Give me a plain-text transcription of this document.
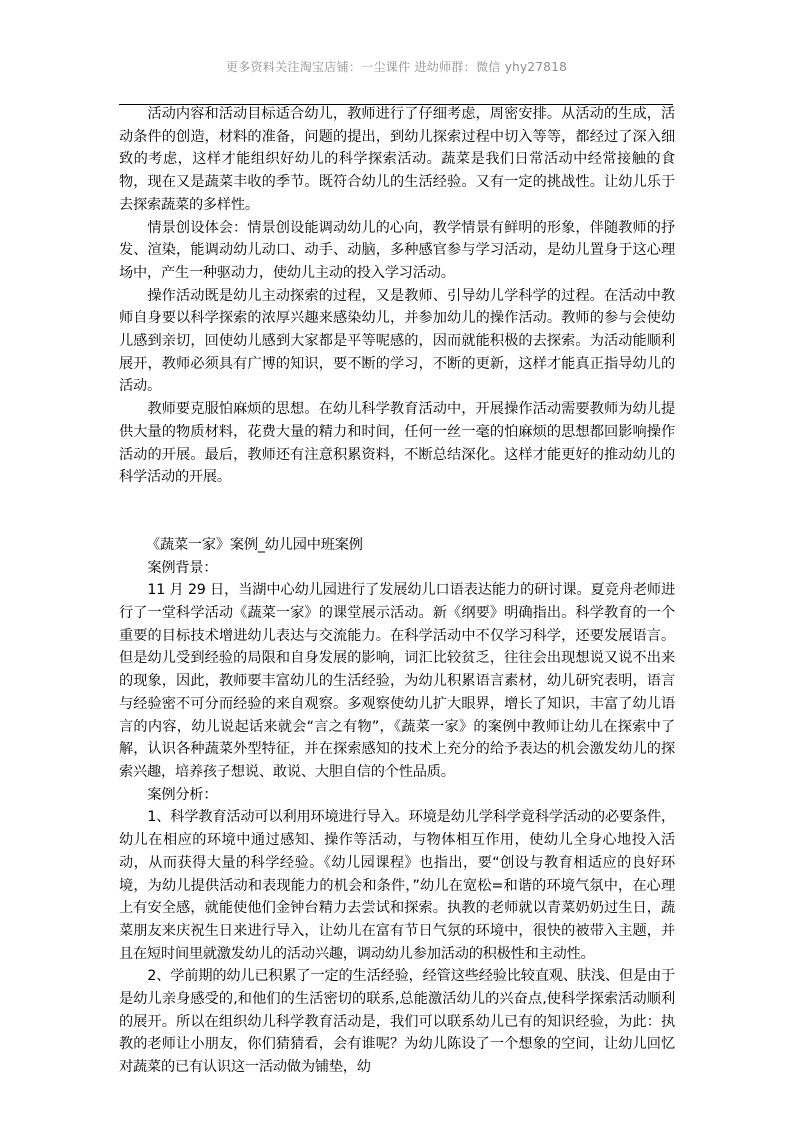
更多资料关注淘宝店铺：一尘课件 进幼师群：微信 yhy27818

活动内容和活动目标适合幼儿，教师进行了仔细考虑，周密安排。从活动的生成，活动条件的创造，材料的准备，问题的提出，到幼儿探索过程中切入等等，都经过了深入细致的考虑，这样才能组织好幼儿的科学探索活动。蔬菜是我们日常活动中经常接触的食物，现在又是蔬菜丰收的季节。既符合幼儿的生活经验。又有一定的挑战性。让幼儿乐于去探索蔬菜的多样性。

情景创设体会：情景创设能调动幼儿的心向，教学情景有鲜明的形象，伴随教师的抒发、渲染，能调动幼儿动口、动手、动脑，多种感官参与学习活动，是幼儿置身于这心理场中，产生一种驱动力，使幼儿主动的投入学习活动。

操作活动既是幼儿主动探索的过程，又是教师、引导幼儿学科学的过程。在活动中教师自身要以科学探索的浓厚兴趣来感染幼儿，并参加幼儿的操作活动。教师的参与会使幼儿感到亲切，回使幼儿感到大家都是平等呢感的，因而就能积极的去探索。为活动能顺利展开，教师必须具有广博的知识，要不断的学习，不断的更新，这样才能真正指导幼儿的活动。

教师要克服怕麻烦的思想。在幼儿科学教育活动中，开展操作活动需要教师为幼儿提供大量的物质材料，花费大量的精力和时间，任何一丝一毫的怕麻烦的思想都回影响操作活动的开展。最后，教师还有注意积累资料，不断总结深化。这样才能更好的推动幼儿的科学活动的开展。

《蔬菜一家》案例_幼儿园中班案例

案例背景：

11 月 29 日，当湖中心幼儿园进行了发展幼儿口语表达能力的研讨课。夏竞舟老师进行了一堂科学活动《蔬菜一家》的课堂展示活动。新《纲要》明确指出。科学教育的一个重要的目标技术增进幼儿表达与交流能力。在科学活动中不仅学习科学，还要发展语言。但是幼儿受到经验的局限和自身发展的影响，词汇比较贫乏，往往会出现想说又说不出来的现象，因此，教师要丰富幼儿的生活经验，为幼儿积累语言素材，幼儿研究表明，语言与经验密不可分而经验的来自观察。多观察使幼儿扩大眼界，增长了知识，丰富了幼儿语言的内容，幼儿说起话来就会“言之有物”，《蔬菜一家》的案例中教师让幼儿在探索中了解，认识各种蔬菜外型特征，并在探索感知的技术上充分的给予表达的机会激发幼儿的探索兴趣，培养孩子想说、敢说、大胆自信的个性品质。

案例分析：

1、科学教育活动可以利用环境进行导入。环境是幼儿学科学竟科学活动的必要条件，幼儿在相应的环境中通过感知、操作等活动，与物体相互作用，使幼儿全身心地投入活动，从而获得大量的科学经验。《幼儿园课程》也指出，要“创设与教育相适应的良好环境，为幼儿提供活动和表现能力的机会和条件，”幼儿在宽松=和谐的环境气氛中，在心理上有安全感，就能使他们金钟台精力去尝试和探索。执教的老师就以青菜奶奶过生日，蔬菜朋友来庆祝生日来进行导入，让幼儿在富有节日气氛的环境中，很快的被带入主题，并且在短时间里就激发幼儿的活动兴趣，调动幼儿参加活动的积极性和主动性。

2、学前期的幼儿已积累了一定的生活经验，经管这些经验比较直观、肤浅、但是由于是幼儿亲身感受的,和他们的生活密切的联系,总能激活幼儿的兴奋点,使科学探索活动顺利的展开。所以在组织幼儿科学教育活动是，我们可以联系幼儿已有的知识经验，为此：执教的老师让小朋友，你们猜猜看，会有谁呢？为幼儿陈设了一个想象的空间，让幼儿回忆对蔬菜的已有认识这一活动做为铺垫，幼
